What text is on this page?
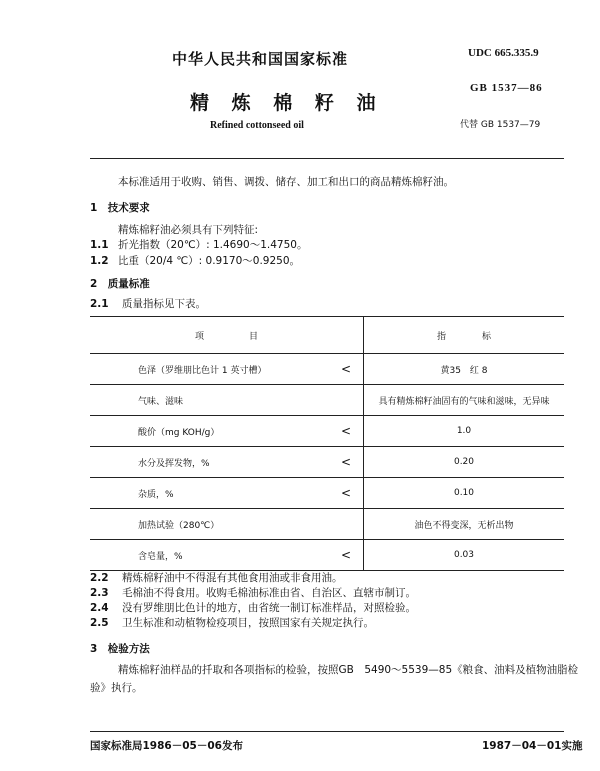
中华人民共和国国家标准	UDC 665.335.9
精 炼 棉 籽 油
GB 1537—86
Refined cottonseed oil	代替 GB 1537—79
本标准适用于收购、销售、调拨、储存、加工和出口的商品精炼棉籽油。
1　技术要求
精炼棉籽油必须具有下列特征:
1.1 折光指数（20℃）: 1.4690～1.4750。
1.2 比重（20/4 ℃）: 0.9170～0.9250。
2　质量标准
2.1 质量指标见下表。
项　　　　　目	指　　　　标
色泽（罗维朋比色计 1 英寸槽） <	黄35　红 8
气味、滋味	具有精炼棉籽油固有的气味和滋味，无异味
酸价（mg KOH/g） <	1.0
水分及挥发物，% <	0.20
杂质，% <	0.10
加热试验（280℃）	油色不得变深，无析出物
含皂量，% <	0.03
2.2 精炼棉籽油中不得混有其他食用油或非食用油。
2.3 毛棉油不得食用。收购毛棉油标准由省、自治区、直辖市制订。
2.4 没有罗维朋比色计的地方，由省统一制订标准样品，对照检验。
2.5 卫生标准和动植物检疫项目，按照国家有关规定执行。
3　检验方法
精炼棉籽油样品的扦取和各项指标的检验，按照GB　5490～5539—85《粮食、油料及植物油脂检
验》执行。
国家标准局1986－05－06发布	1987－04－01实施
